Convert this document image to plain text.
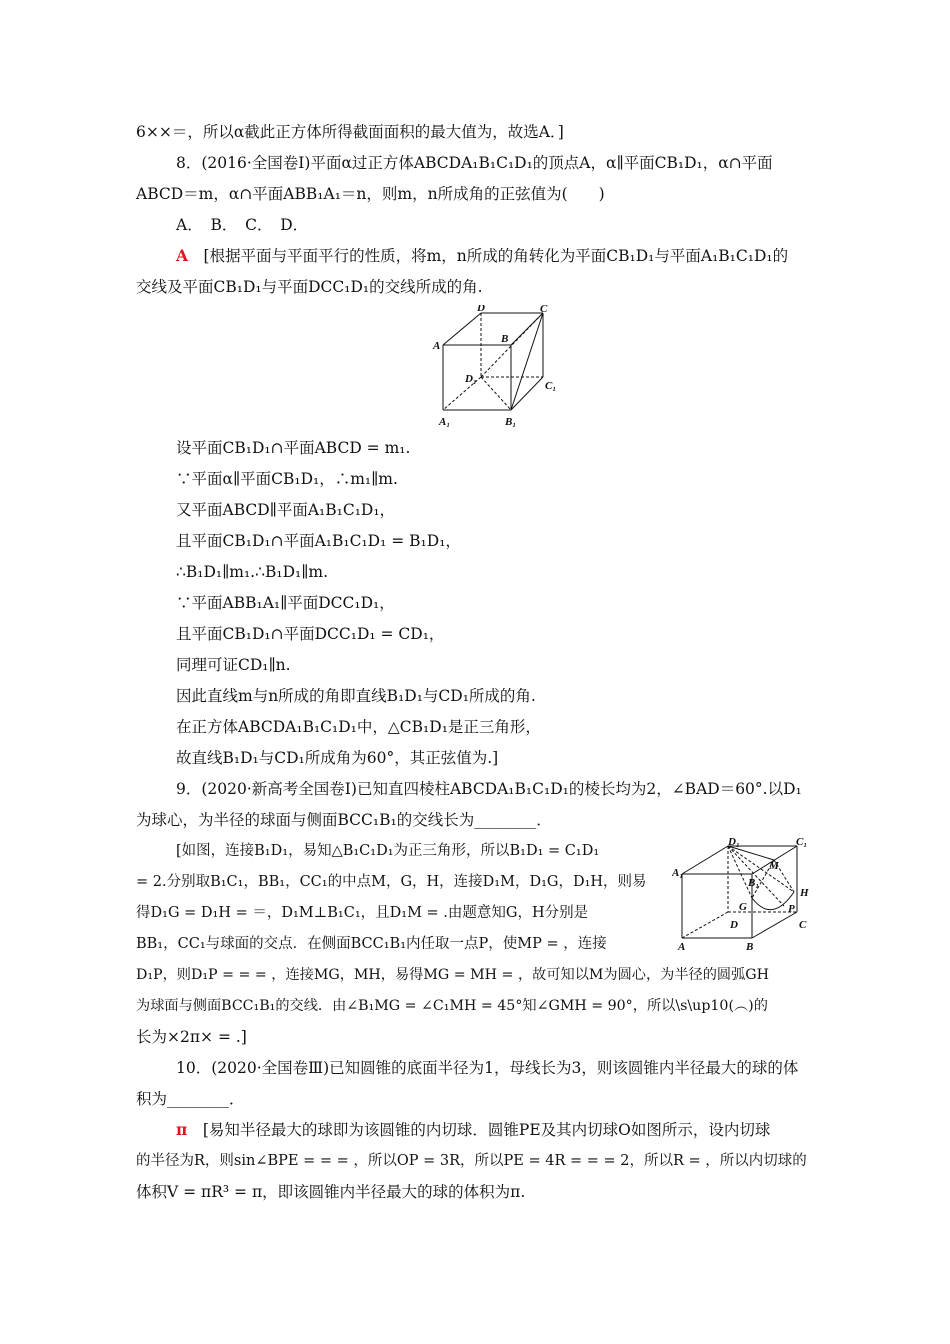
6××＝，所以α截此正方体所得截面面积的最大值为，故选A．]
8．(2016·全国卷Ⅰ)平面α过正方体ABCDA₁B₁C₁D₁的顶点A，α∥平面CB₁D₁，α∩平面
ABCD＝m，α∩平面ABB₁A₁＝n，则m，n所成角的正弦值为(　　)
A．　B．　C．　D．
A　 [根据平面与平面平行的性质，将m，n所成的角转化为平面CB₁D₁与平面A₁B₁C₁D₁的
交线及平面CB₁D₁与平面DCC₁D₁的交线所成的角.
D	C
B
A
D₁
C₁
A₁	B₁
设平面CB₁D₁∩平面ABCD = m₁.
∵平面α∥平面CB₁D₁，∴m₁∥m.
又平面ABCD∥平面A₁B₁C₁D₁，
且平面CB₁D₁∩平面A₁B₁C₁D₁ = B₁D₁，
∴B₁D₁∥m₁.∴B₁D₁∥m.
∵平面ABB₁A₁∥平面DCC₁D₁，
且平面CB₁D₁∩平面DCC₁D₁ = CD₁，
同理可证CD₁∥n.
因此直线m与n所成的角即直线B₁D₁与CD₁所成的角.
在正方体ABCDA₁B₁C₁D₁中，△CB₁D₁是正三角形，
故直线B₁D₁与CD₁所成角为60°，其正弦值为.]
9．(2020·新高考全国卷Ⅰ)已知直四棱柱ABCDA₁B₁C₁D₁的棱长均为2，∠BAD＝60°.以D₁
为球心，为半径的球面与侧面BCC₁B₁的交线长为________．
[如图，连接B₁D₁，易知△B₁C₁D₁为正三角形，所以B₁D₁ = C₁D₁
= 2.分别取B₁C₁，BB₁，CC₁的中点M，G，H，连接D₁M，D₁G，D₁H，则易
得D₁G = D₁H = ＝，D₁M⊥B₁C₁，且D₁M = .由题意知G，H分别是
BB₁，CC₁与球面的交点．在侧面BCC₁B₁内任取一点P，使MP = ，连接
D₁
M
C₁
A₁
B₁
H
G	P
D	C
A	B
D₁P，则D₁P = = = ，连接MG，MH，易得MG = MH = ，故可知以M为圆心，为半径的圆弧GH
为球面与侧面BCC₁B₁的交线．由∠B₁MG = ∠C₁MH = 45°知∠GMH = 90°，所以\s\up10(︵)的
长为×2π× = .]
10．(2020·全国卷Ⅲ)已知圆锥的底面半径为1，母线长为3，则该圆锥内半径最大的球的体
积为________．
π　 [易知半径最大的球即为该圆锥的内切球．圆锥PE及其内切球O如图所示，设内切球
的半径为R，则sin∠BPE = = = ，所以OP = 3R，所以PE = 4R = = = 2，所以R = ，所以内切球的
体积V = πR³ = π，即该圆锥内半径最大的球的体积为π.
